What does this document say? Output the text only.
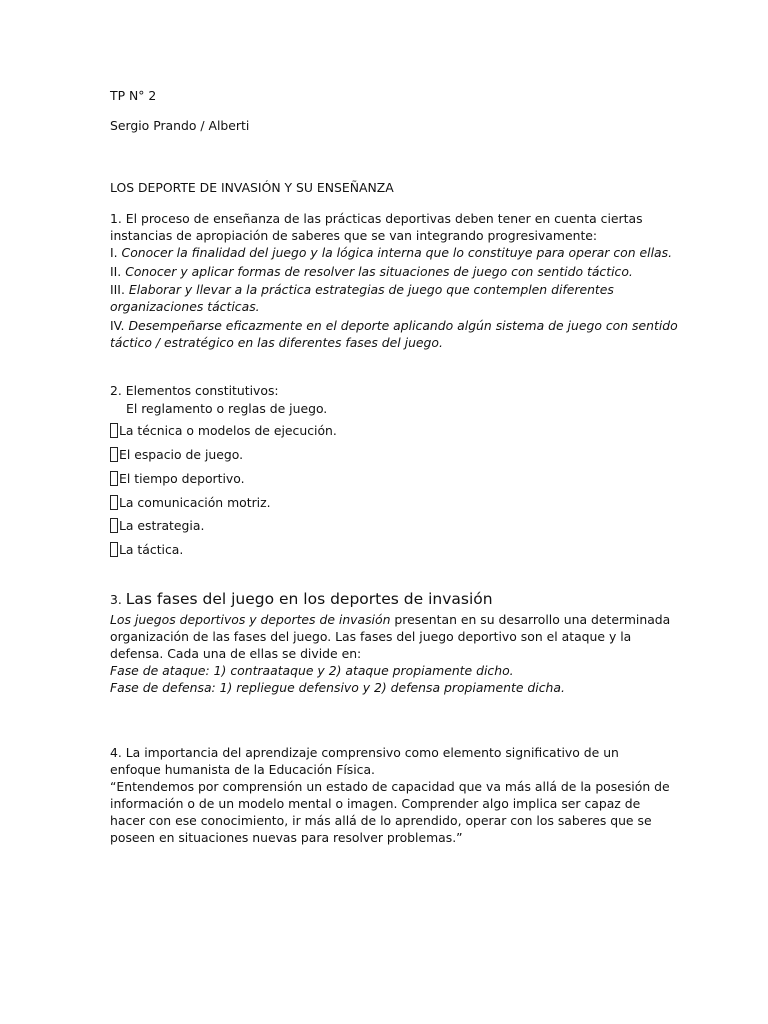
TP N° 2
Sergio Prando / Alberti
LOS DEPORTE DE INVASIÓN Y SU ENSEÑANZA
1. El proceso de enseñanza de las prácticas deportivas deben tener en cuenta ciertas
instancias de apropiación de saberes que se van integrando progresivamente:
I. Conocer la finalidad del juego y la lógica interna que lo constituye para operar con ellas.
II. Conocer y aplicar formas de resolver las situaciones de juego con sentido táctico.
III. Elaborar y llevar a la práctica estrategias de juego que contemplen diferentes
organizaciones tácticas.
IV. Desempeñarse eficazmente en el deporte aplicando algún sistema de juego con sentido
táctico / estratégico en las diferentes fases del juego.
2. Elementos constitutivos:
El reglamento o reglas de juego.
La técnica o modelos de ejecución.
El espacio de juego.
El tiempo deportivo.
La comunicación motriz.
La estrategia.
La táctica.
3. Las fases del juego en los deportes de invasión
Los juegos deportivos y deportes de invasión presentan en su desarrollo una determinada
organización de las fases del juego. Las fases del juego deportivo son el ataque y la
defensa. Cada una de ellas se divide en:
Fase de ataque: 1) contraataque y 2) ataque propiamente dicho.
Fase de defensa: 1) repliegue defensivo y 2) defensa propiamente dicha.
4. La importancia del aprendizaje comprensivo como elemento significativo de un
enfoque humanista de la Educación Física.
“Entendemos por comprensión un estado de capacidad que va más allá de la posesión de
información o de un modelo mental o imagen. Comprender algo implica ser capaz de
hacer con ese conocimiento, ir más allá de lo aprendido, operar con los saberes que se
poseen en situaciones nuevas para resolver problemas.”
